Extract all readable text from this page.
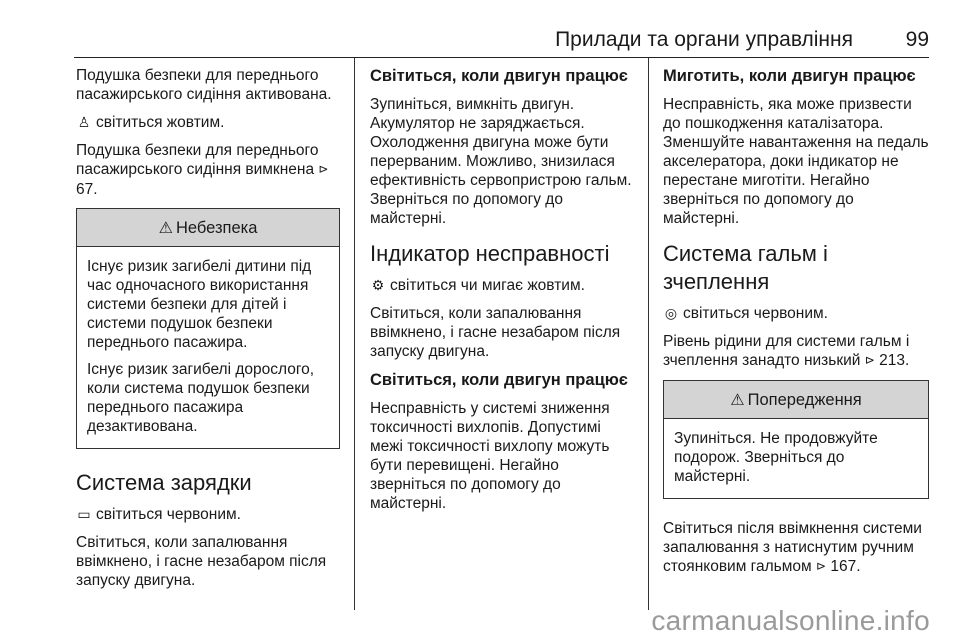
Прилади та органи управління	99

Подушка безпеки для переднього пасажирського сидіння активована.

♙ світиться жовтим.

Подушка безпеки для переднього пасажирського сидіння вимкнена ⊳ 67.

⚠ Небезпека

Існує ризик загибелі дитини під час одночасного використання системи безпеки для дітей і системи подушок безпеки переднього пасажира.

Існує ризик загибелі дорослого, коли система подушок безпеки переднього пасажира дезактивована.

Система зарядки

▭ світиться червоним.

Світиться, коли запалювання ввімкнено, і гасне незабаром після запуску двигуна.

Світиться, коли двигун працює

Зупиніться, вимкніть двигун. Акумулятор не заряджається. Охолодження двигуна може бути перерваним. Можливо, знизилася ефективність сервопристрою гальм. Зверніться по допомогу до майстерні.

Індикатор несправності

⚙ світиться чи мигає жовтим.

Світиться, коли запалювання ввімкнено, і гасне незабаром після запуску двигуна.

Світиться, коли двигун працює

Несправність у системі зниження токсичності вихлопів. Допустимі межі токсичності вихлопу можуть бути перевищені. Негайно зверніться по допомогу до майстерні.

Миготить, коли двигун працює

Несправність, яка може призвести до пошкодження каталізатора. Зменшуйте навантаження на педаль акселератора, доки індикатор не перестане миготіти. Негайно зверніться по допомогу до майстерні.

Система гальм і зчеплення

◎ світиться червоним.

Рівень рідини для системи гальм і зчеплення занадто низький ⊳ 213.

⚠ Попередження

Зупиніться. Не продовжуйте подорож. Зверніться до майстерні.

Світиться після ввімкнення системи запалювання з натиснутим ручним стоянковим гальмом ⊳ 167.

carmanualsonline.info
